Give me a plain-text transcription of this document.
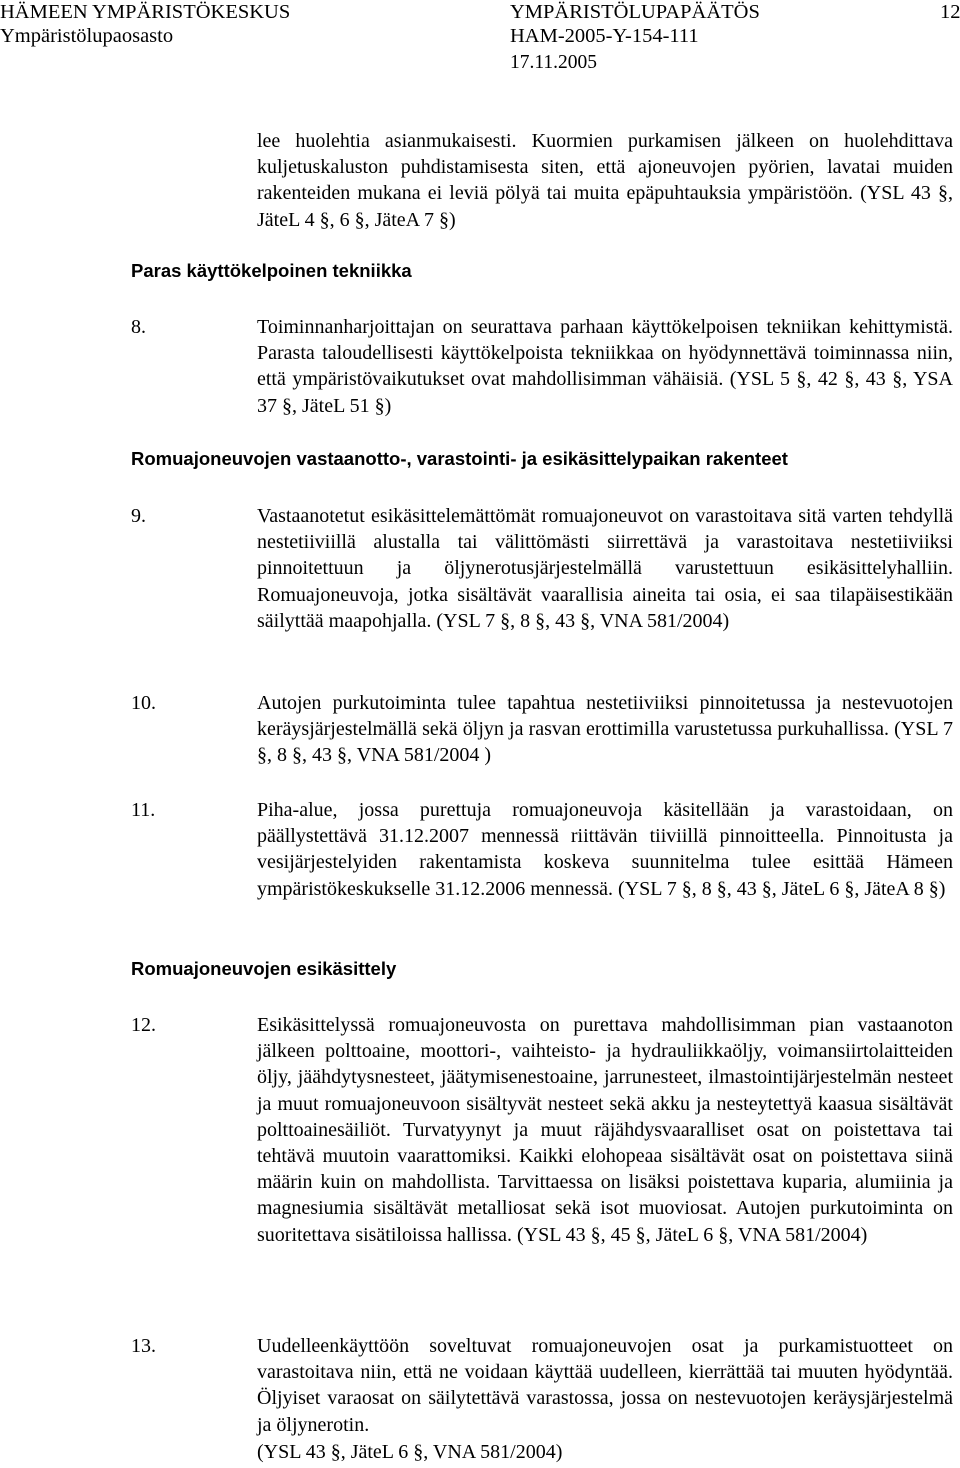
HÄMEEN YMPÄRISTÖKESKUS
Ympäristölupaosasto
YMPÄRISTÖLUPAPÄÄTÖS
HAM-2005-Y-154-111
17.11.2005
12
lee huolehtia asianmukaisesti. Kuormien purkamisen jälkeen on huolehdittava kuljetuskaluston puhdistamisesta siten, että ajoneuvojen pyörien, lavatai muiden rakenteiden mukana ei leviä pölyä tai muita epäpuhtauksia ympäristöön. (YSL 43 §, JäteL 4 §, 6 §, JäteA 7 §)
Paras käyttökelpoinen tekniikka
8.	Toiminnanharjoittajan on seurattava parhaan käyttökelpoisen tekniikan kehittymistä. Parasta taloudellisesti käyttökelpoista tekniikkaa on hyödynnettävä toiminnassa niin, että ympäristövaikutukset ovat mahdollisimman vähäisiä. (YSL 5 §, 42 §, 43 §, YSA 37 §, JäteL 51 §)
Romuajoneuvojen vastaanotto-, varastointi- ja esikäsittelypaikan rakenteet
9.	Vastaanotetut esikäsittelemättömät romuajoneuvot on varastoitava sitä varten tehdyllä nestetiiviillä alustalla tai välittömästi siirrettävä ja varastoitava nestetiiviiksi pinnoitettuun ja öljynerotusjärjestelmällä varustettuun esikäsittelyhalliin. Romuajoneuvoja, jotka sisältävät vaarallisia aineita tai osia, ei saa tilapäisestikään säilyttää maapohjalla. (YSL 7 §, 8 §, 43 §, VNA 581/2004)
10.	Autojen purkutoiminta tulee tapahtua nestetiiviiksi pinnoitetussa ja nestevuotojen keräysjärjestelmällä sekä öljyn ja rasvan erottimilla varustetussa purkuhallissa. (YSL 7 §, 8 §, 43 §, VNA 581/2004 )
11.	Piha-alue, jossa purettuja romuajoneuvoja käsitellään ja varastoidaan, on päällystettävä 31.12.2007 mennessä riittävän tiiviillä pinnoitteella. Pinnoitusta ja vesijärjestelyiden rakentamista koskeva suunnitelma tulee esittää Hämeen ympäristökeskukselle 31.12.2006 mennessä. (YSL 7 §, 8 §, 43 §, JäteL 6 §, JäteA 8 §)
Romuajoneuvojen esikäsittely
12.	Esikäsittelyssä romuajoneuvosta on purettava mahdollisimman pian vastaanoton jälkeen polttoaine, moottori-, vaihteisto- ja hydrauliikkaöljy, voimansiirtolaitteiden öljy, jäähdytysnesteet, jäätymisenestoaine, jarrunesteet, ilmastointijärjestelmän nesteet ja muut romuajoneuvoon sisältyvät nesteet sekä akku ja nesteytettyä kaasua sisältävät polttoainesäiliöt. Turvatyynyt ja muut räjähdysvaaralliset osat on poistettava tai tehtävä muutoin vaarattomiksi. Kaikki elohopeaa sisältävät osat on poistettava siinä määrin kuin on mahdollista. Tarvittaessa on lisäksi poistettava kuparia, alumiinia ja magnesiumia sisältävät metalliosat sekä isot muoviosat. Autojen purkutoiminta on suoritettava sisätiloissa hallissa. (YSL 43 §, 45 §, JäteL 6 §, VNA 581/2004)
13.	Uudelleenkäyttöön soveltuvat romuajoneuvojen osat ja purkamistuotteet on varastoitava niin, että ne voidaan käyttää uudelleen, kierrättää tai muuten hyödyntää. Öljyiset varaosat on säilytettävä varastossa, jossa on nestevuotojen keräysjärjestelmä ja öljynerotin.
(YSL 43 §, JäteL 6 §, VNA 581/2004)
